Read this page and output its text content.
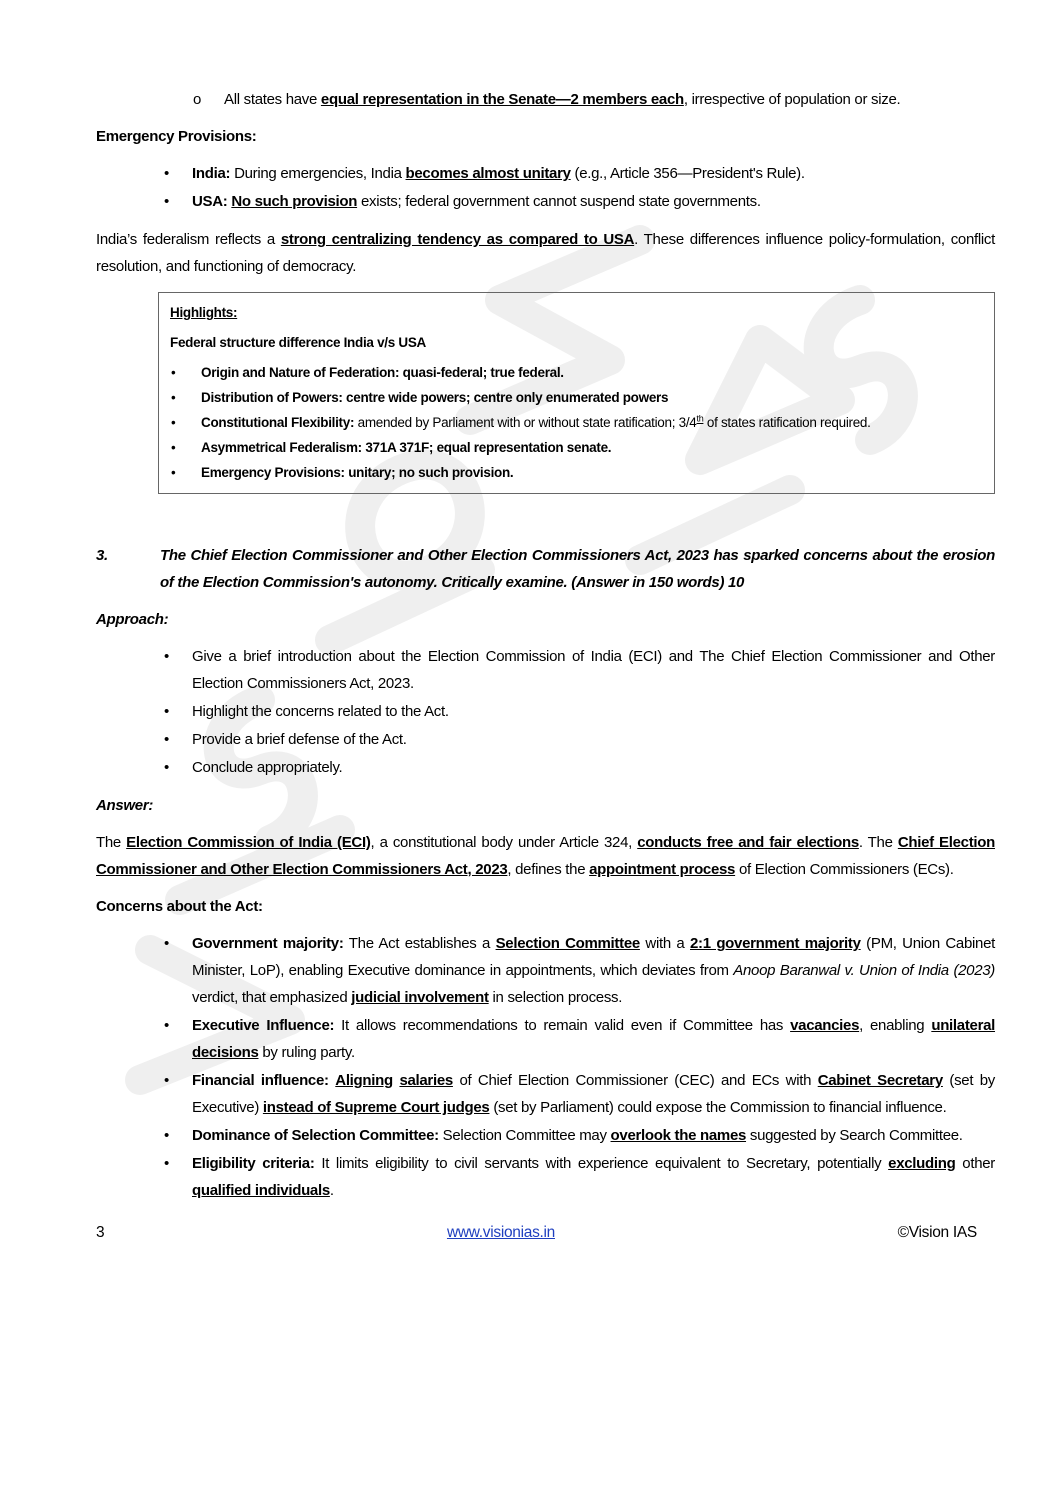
o All states have equal representation in the Senate—2 members each, irrespective of population or size.

Emergency Provisions:
• India: During emergencies, India becomes almost unitary (e.g., Article 356—President's Rule).
• USA: No such provision exists; federal government cannot suspend state governments.

India’s federalism reflects a strong centralizing tendency as compared to USA. These differences influence policy-formulation, conflict resolution, and functioning of democracy.

Highlights:
Federal structure difference India v/s USA
• Origin and Nature of Federation: quasi-federal; true federal.
• Distribution of Powers: centre wide powers; centre only enumerated powers
• Constitutional Flexibility: amended by Parliament with or without state ratification; 3/4th of states ratification required.
• Asymmetrical Federalism: 371A 371F; equal representation senate.
• Emergency Provisions: unitary; no such provision.
3.	The Chief Election Commissioner and Other Election Commissioners Act, 2023 has sparked concerns about the erosion of the Election Commission's autonomy. Critically examine. (Answer in 150 words) 10
Approach:
• Give a brief introduction about the Election Commission of India (ECI) and The Chief Election Commissioner and Other Election Commissioners Act, 2023.
• Highlight the concerns related to the Act.
• Provide a brief defense of the Act.
• Conclude appropriately.
Answer:

The Election Commission of India (ECI), a constitutional body under Article 324, conducts free and fair elections. The Chief Election Commissioner and Other Election Commissioners Act, 2023, defines the appointment process of Election Commissioners (ECs).

Concerns about the Act:
• Government majority: The Act establishes a Selection Committee with a 2:1 government majority (PM, Union Cabinet Minister, LoP), enabling Executive dominance in appointments, which deviates from Anoop Baranwal v. Union of India (2023) verdict, that emphasized judicial involvement in selection process.
• Executive Influence: It allows recommendations to remain valid even if Committee has vacancies, enabling unilateral decisions by ruling party.
• Financial influence: Aligning salaries of Chief Election Commissioner (CEC) and ECs with Cabinet Secretary (set by Executive) instead of Supreme Court judges (set by Parliament) could expose the Commission to financial influence.
• Dominance of Selection Committee: Selection Committee may overlook the names suggested by Search Committee.
• Eligibility criteria: It limits eligibility to civil servants with experience equivalent to Secretary, potentially excluding other qualified individuals.
3	www.visionias.in	©Vision IAS
